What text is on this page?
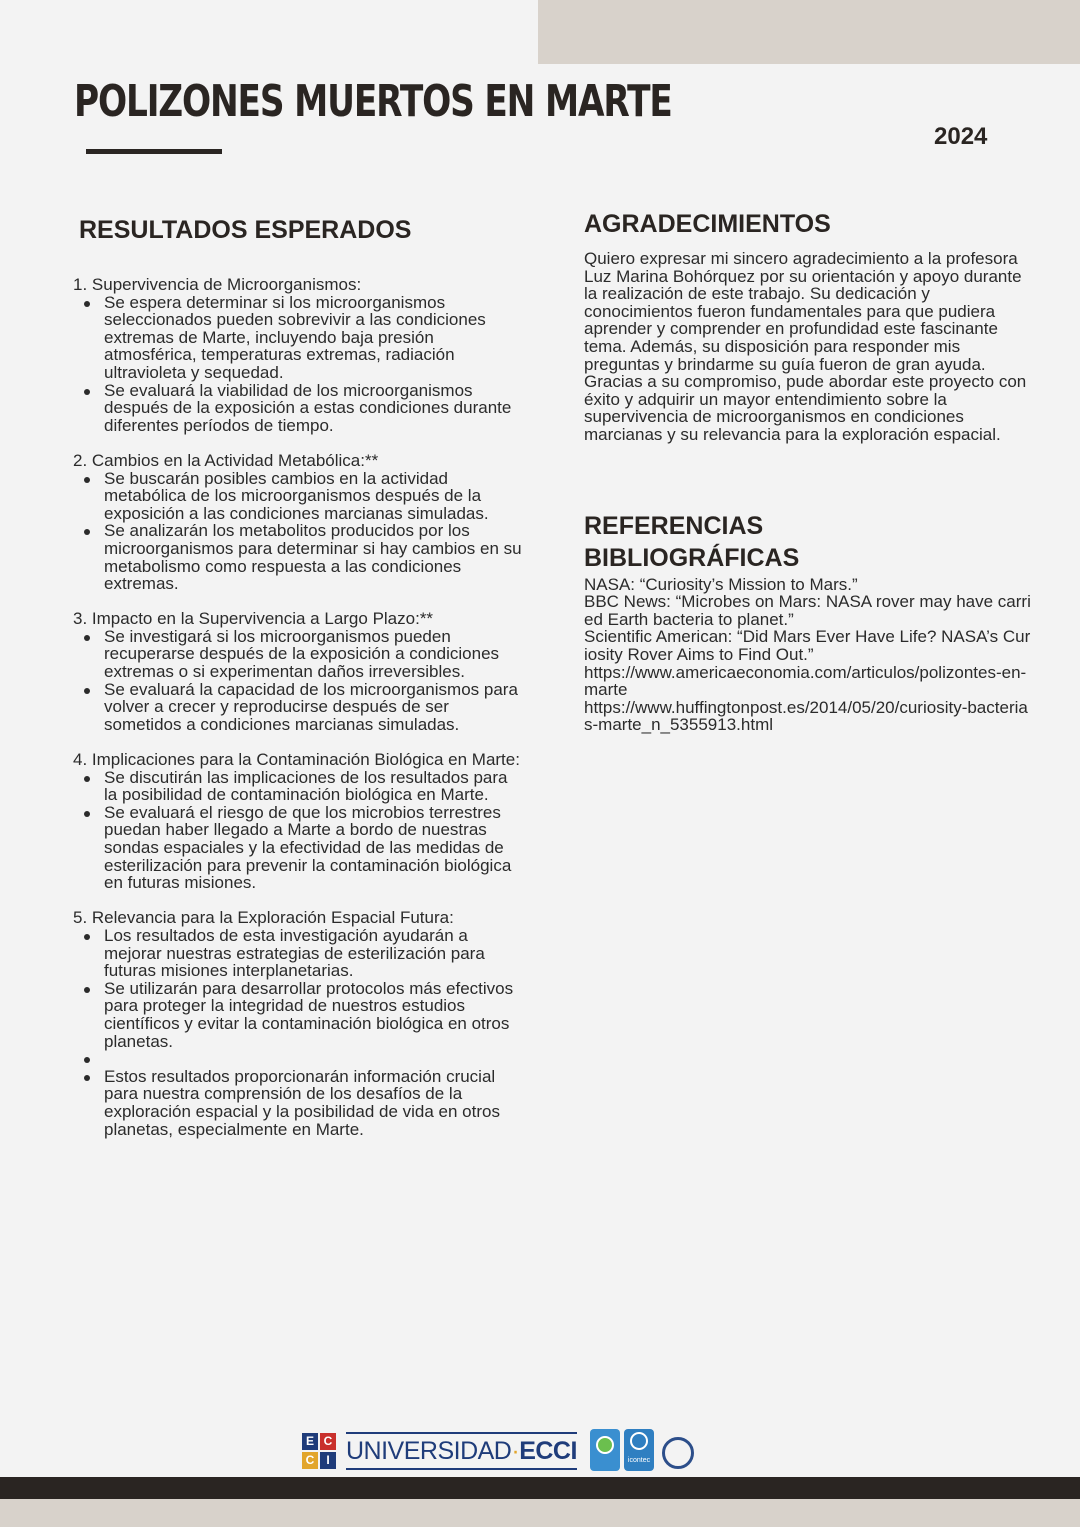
POLIZONES MUERTOS EN MARTE
2024
RESULTADOS ESPERADOS

1. Supervivencia de Microorganismos:

Se espera determinar si los microorganismos seleccionados pueden sobrevivir a las condiciones extremas de Marte, incluyendo baja presión atmosférica, temperaturas extremas, radiación ultravioleta y sequedad.
Se evaluará la viabilidad de los microorganismos después de la exposición a estas condiciones durante diferentes períodos de tiempo.

2. Cambios en la Actividad Metabólica:**

Se buscarán posibles cambios en la actividad metabólica de los microorganismos después de la exposición a las condiciones marcianas simuladas.
Se analizarán los metabolitos producidos por los microorganismos para determinar si hay cambios en su metabolismo como respuesta a las condiciones extremas.

3. Impacto en la Supervivencia a Largo Plazo:**

Se investigará si los microorganismos pueden recuperarse después de la exposición a condiciones extremas o si experimentan daños irreversibles.
Se evaluará la capacidad de los microorganismos para volver a crecer y reproducirse después de ser sometidos a condiciones marcianas simuladas.

4. Implicaciones para la Contaminación Biológica en Marte:

Se discutirán las implicaciones de los resultados para la posibilidad de contaminación biológica en Marte.
Se evaluará el riesgo de que los microbios terrestres puedan haber llegado a Marte a bordo de nuestras sondas espaciales y la efectividad de las medidas de esterilización para prevenir la contaminación biológica en futuras misiones.

5. Relevancia para la Exploración Espacial Futura:

Los resultados de esta investigación ayudarán a mejorar nuestras estrategias de esterilización para futuras misiones interplanetarias.
Se utilizarán para desarrollar protocolos más efectivos para proteger la integridad de nuestros estudios científicos y evitar la contaminación biológica en otros planetas.
Estos resultados proporcionarán información crucial para nuestra comprensión de los desafíos de la exploración espacial y la posibilidad de vida en otros planetas, especialmente en Marte.
AGRADECIMIENTOS

Quiero expresar mi sincero agradecimiento a la profesora Luz Marina Bohórquez por su orientación y apoyo durante la realización de este trabajo. Su dedicación y conocimientos fueron fundamentales para que pudiera aprender y comprender en profundidad este fascinante tema. Además, su disposición para responder mis preguntas y brindarme su guía fueron de gran ayuda. Gracias a su compromiso, pude abordar este proyecto con éxito y adquirir un mayor entendimiento sobre la supervivencia de microorganismos en condiciones marcianas y su relevancia para la exploración espacial.

REFERENCIAS
BIBLIOGRÁFICAS
NASA: “Curiosity’s Mission to Mars.”
BBC News: “Microbes on Mars: NASA rover may have carried Earth bacteria to planet.”
Scientific American: “Did Mars Ever Have Life? NASA’s Curiosity Rover Aims to Find Out.”
https://www.americaeconomia.com/articulos/polizontes-en-marte
https://www.huffingtonpost.es/2014/05/20/curiosity-bacterias-marte_n_5355913.html
E C
C	I UNIVERSIDAD·ECCI	icontec
